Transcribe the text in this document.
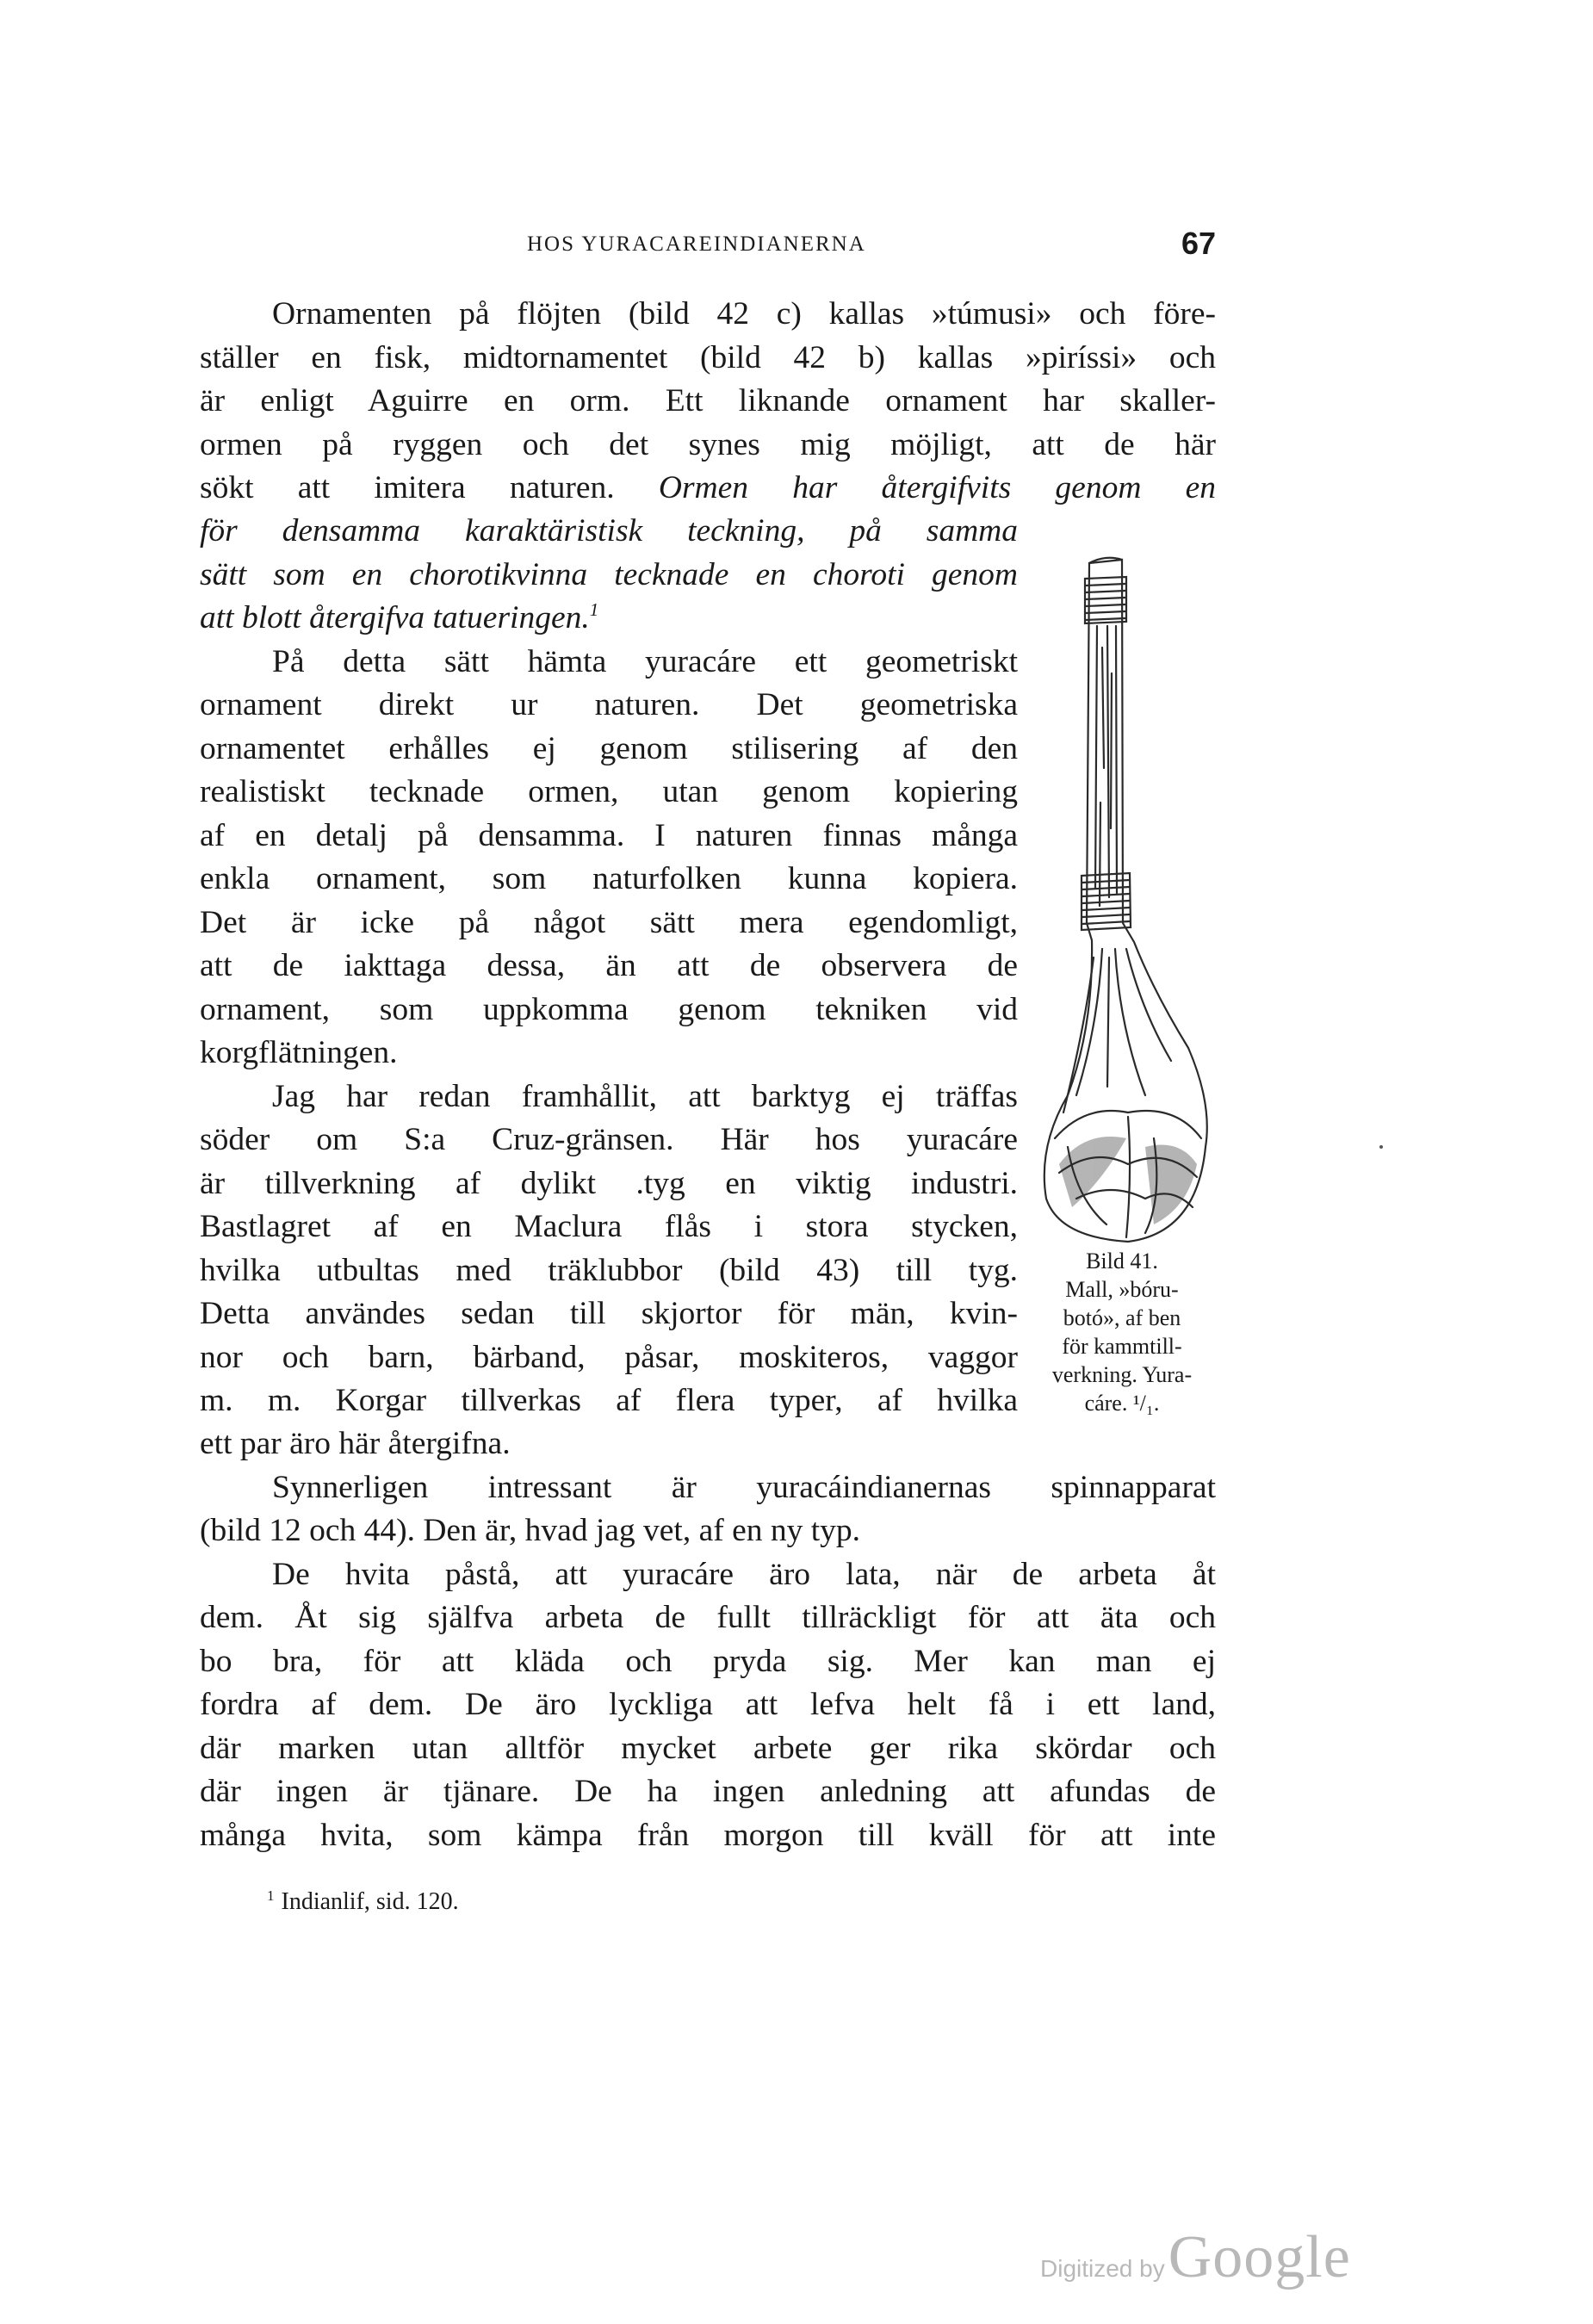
HOS YURACAREINDIANERNA	67
Ornamenten på flöjten (bild 42 c) kallas »túmusi» och före-
ställer en fisk, midtornamentet (bild 42 b) kallas »piríssi» och
är enligt Aguirre en orm. Ett liknande ornament har skaller-
ormen på ryggen och det synes mig möjligt, att de här
sökt att imitera naturen. Ormen har återgifvits genom en
för densamma karaktäristisk teckning, på samma
sätt som en chorotikvinna tecknade en choroti genom
att blott återgifva tatueringen.$^1$
På detta sätt hämta yuracáre ett geometriskt
ornament direkt ur naturen. Det geometriska
ornamentet erhålles ej genom stilisering af den
realistiskt tecknade ormen, utan genom kopiering
af en detalj på densamma. I naturen finnas många
enkla ornament, som naturfolken kunna kopiera.
Det är icke på något sätt mera egendomligt,
att de iakttaga dessa, än att de observera de
ornament, som uppkomma genom tekniken vid
korgflätningen.
Jag har redan framhållit, att barktyg ej träffas
söder om S:a Cruz-gränsen. Här hos yuracáre
är tillverkning af dylikt .tyg en viktig industri.
Bastlagret af en Maclura flås i stora stycken,
hvilka utbultas med träklubbor (bild 43) till tyg.
Detta användes sedan till skjortor för män, kvin-
nor och barn, bärband, påsar, moskiteros, vaggor
m. m. Korgar tillverkas af flera typer, af hvilka
Bild 41.
Mall, »bóru-
botó», af ben
för kammtill-
verkning. Yura-
cáre. ¹/₁.
ett par äro här återgifna.
Synnerligen intressant är yuracáindianernas spinnapparat
(bild 12 och 44). Den är, hvad jag vet, af en ny typ.
De hvita påstå, att yuracáre äro lata, när de arbeta åt
dem. Åt sig själfva arbeta de fullt tillräckligt för att äta och
bo bra, för att kläda och pryda sig. Mer kan man ej
fordra af dem. De äro lyckliga att lefva helt få i ett land,
där marken utan alltför mycket arbete ger rika skördar och
där ingen är tjänare. De ha ingen anledning att afundas de
många hvita, som kämpa från morgon till kväll för att inte
$^1$ Indianlif, sid. 120.
Digitized by Google
